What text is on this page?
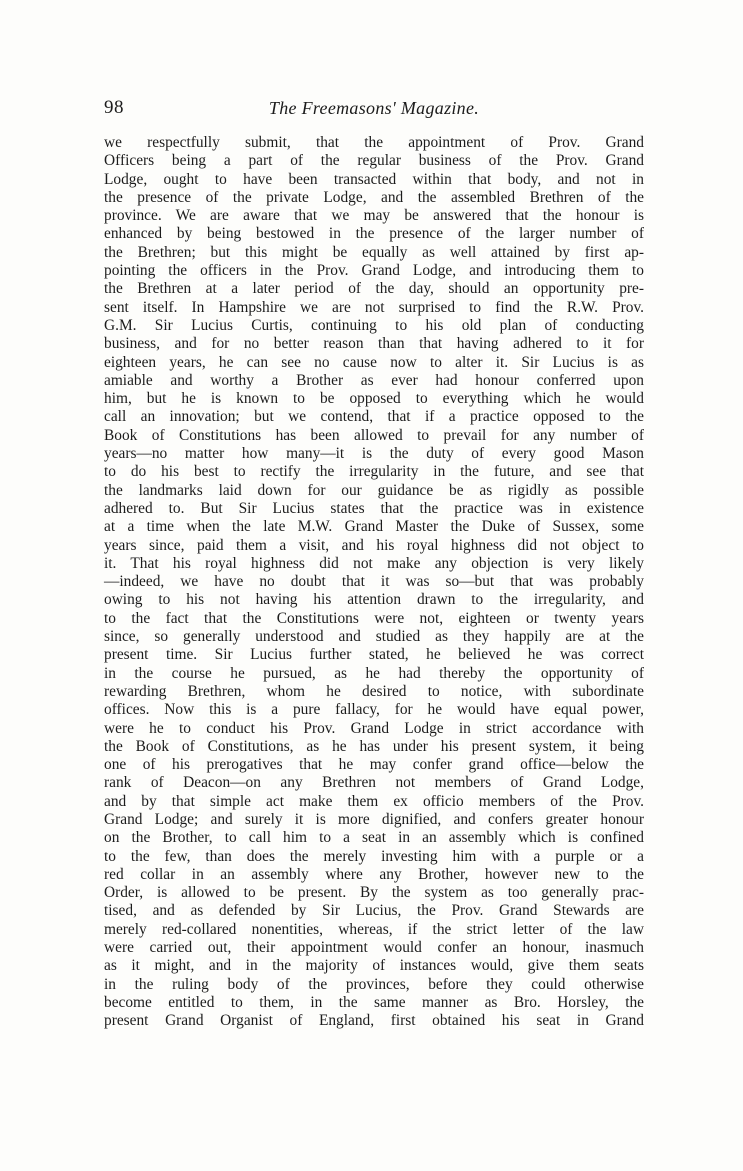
98	The Freemasons' Magazine.
we respectfully submit, that the appointment of Prov. Grand
Officers being a part of the regular business of the Prov. Grand
Lodge, ought to have been transacted within that body, and not in
the presence of the private Lodge, and the assembled Brethren of the
province. We are aware that we may be answered that the honour is
enhanced by being bestowed in the presence of the larger number of
the Brethren; but this might be equally as well attained by first ap-
pointing the officers in the Prov. Grand Lodge, and introducing them to
the Brethren at a later period of the day, should an opportunity pre-
sent itself. In Hampshire we are not surprised to find the R.W. Prov.
G.M. Sir Lucius Curtis, continuing to his old plan of conducting
business, and for no better reason than that having adhered to it for
eighteen years, he can see no cause now to alter it. Sir Lucius is as
amiable and worthy a Brother as ever had honour conferred upon
him, but he is known to be opposed to everything which he would
call an innovation; but we contend, that if a practice opposed to the
Book of Constitutions has been allowed to prevail for any number of
years—no matter how many—it is the duty of every good Mason
to do his best to rectify the irregularity in the future, and see that
the landmarks laid down for our guidance be as rigidly as possible
adhered to. But Sir Lucius states that the practice was in existence
at a time when the late M.W. Grand Master the Duke of Sussex, some
years since, paid them a visit, and his royal highness did not object to
it. That his royal highness did not make any objection is very likely
—indeed, we have no doubt that it was so—but that was probably
owing to his not having his attention drawn to the irregularity, and
to the fact that the Constitutions were not, eighteen or twenty years
since, so generally understood and studied as they happily are at the
present time. Sir Lucius further stated, he believed he was correct
in the course he pursued, as he had thereby the opportunity of
rewarding Brethren, whom he desired to notice, with subordinate
offices. Now this is a pure fallacy, for he would have equal power,
were he to conduct his Prov. Grand Lodge in strict accordance with
the Book of Constitutions, as he has under his present system, it being
one of his prerogatives that he may confer grand office—below the
rank of Deacon—on any Brethren not members of Grand Lodge,
and by that simple act make them ex officio members of the Prov.
Grand Lodge; and surely it is more dignified, and confers greater honour
on the Brother, to call him to a seat in an assembly which is confined
to the few, than does the merely investing him with a purple or a
red collar in an assembly where any Brother, however new to the
Order, is allowed to be present. By the system as too generally prac-
tised, and as defended by Sir Lucius, the Prov. Grand Stewards are
merely red-collared nonentities, whereas, if the strict letter of the law
were carried out, their appointment would confer an honour, inasmuch
as it might, and in the majority of instances would, give them seats
in the ruling body of the provinces, before they could otherwise
become entitled to them, in the same manner as Bro. Horsley, the
present Grand Organist of England, first obtained his seat in Grand
